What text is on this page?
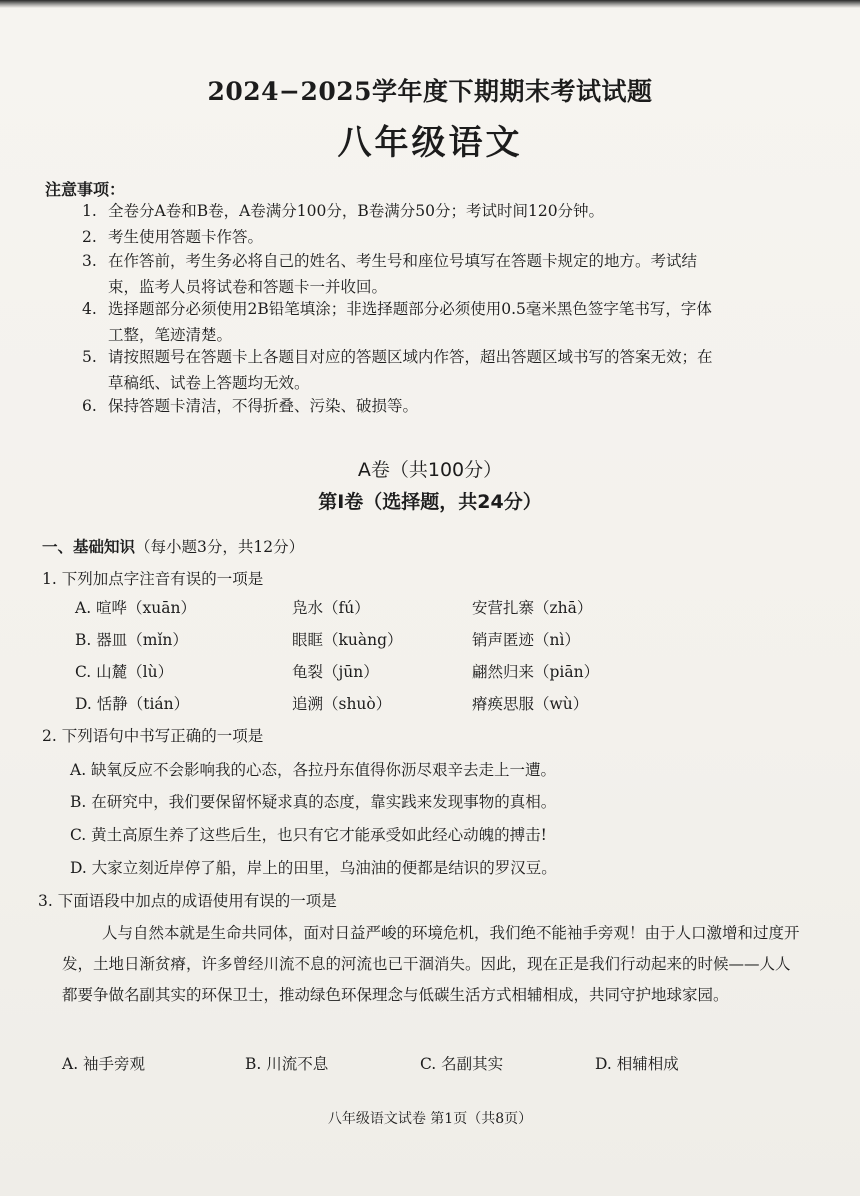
2024−2025学年度下期期末考试试题
八年级语文
注意事项：
1. 全卷分A卷和B卷，A卷满分100分，B卷满分50分；考试时间120分钟。
2. 考生使用答题卡作答。
3. 在作答前，考生务必将自己的姓名、考生号和座位号填写在答题卡规定的地方。考试结
束，监考人员将试卷和答题卡一并收回。
4. 选择题部分必须使用2B铅笔填涂；非选择题部分必须使用0.5毫米黑色签字笔书写，字体
工整，笔迹清楚。
5. 请按照题号在答题卡上各题目对应的答题区域内作答，超出答题区域书写的答案无效；在
草稿纸、试卷上答题均无效。
6. 保持答题卡清洁，不得折叠、污染、破损等。
A卷（共100分）
第Ⅰ卷（选择题，共24分）
一、基础知识（每小题3分，共12分）
1. 下列加点字注音有误的一项是
A. 喧哗（xuān）	凫水（fú）	安营扎寨（zhā）
B. 器皿（mǐn）	眼眶（kuàng）	销声匿迹（nì）
C. 山麓（lù）	龟裂（jūn）	翩然归来（piān）
D. 恬静（tián）	追溯（shuò）	瘠痪思服（wù）
2. 下列语句中书写正确的一项是
A. 缺氧反应不会影响我的心态，各拉丹东值得你沥尽艰辛去走上一遭。
B. 在研究中，我们要保留怀疑求真的态度，靠实践来发现事物的真相。
C. 黄土高原生养了这些后生，也只有它才能承受如此经心动魄的搏击!
D. 大家立刻近岸停了船，岸上的田里，乌油油的便都是结识的罗汉豆。
3. 下面语段中加点的成语使用有误的一项是
人与自然本就是生命共同体，面对日益严峻的环境危机，我们绝不能袖手旁观！由于人口激增和过度开发，土地日渐贫瘠，许多曾经川流不息的河流也已干涸消失。因此，现在正是我们行动起来的时候——人人都要争做名副其实的环保卫士，推动绿色环保理念与低碳生活方式相辅相成，共同守护地球家园。
A. 袖手旁观	B. 川流不息	C. 名副其实	D. 相辅相成
八年级语文试卷 第1页（共8页）
